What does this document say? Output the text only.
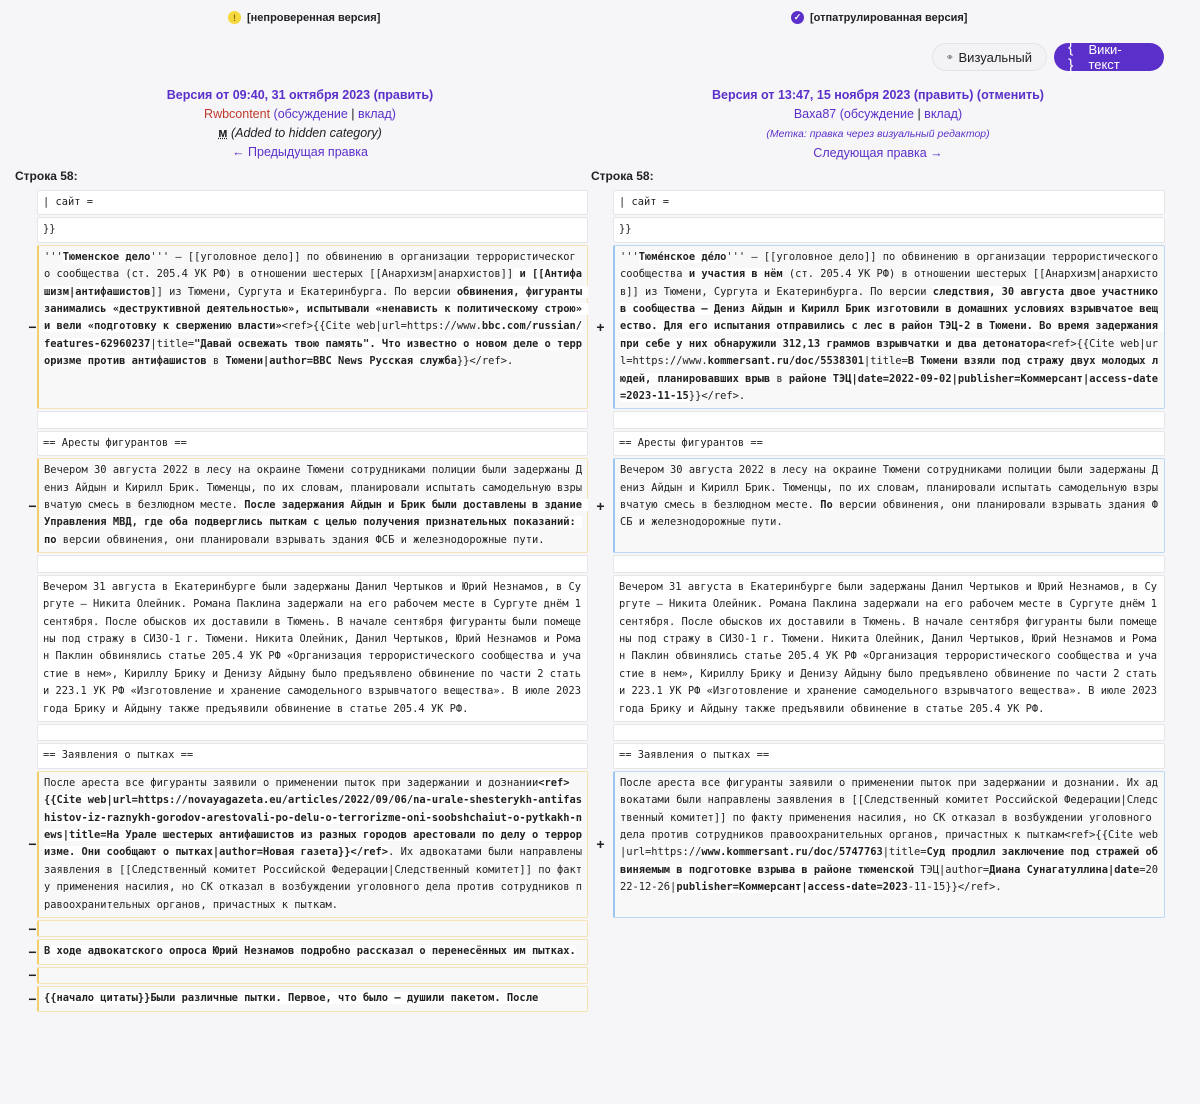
!	[непроверенная версия]	✓ [отпатрулированная версия]
Визуальный
{ }
Вики-текст
Версия от 09:40, 31 октября 2023 (править)
Rwbcontent (обсуждение | вклад)
м (Added to hidden category)
← Предыдущая правка
Версия от 13:47, 15 ноября 2023 (править) (отменить)
Baxa87 (обсуждение | вклад)
(Метка: правка через визуальный редактор)
Следующая правка →
Строка 58:	Строка 58:
| сайт =	| сайт =
}}	}}
−
'''Тюменское дело''' — [[уголовное дело]] по обвинению в организации террористического сообщества (ст. 205.4 УК РФ) в отношении шестерых [[Анархизм|анархистов]] и [[Антифашизм|антифашистов]] из Тюмени, Сургута и Екатеринбурга. По версии обвинения, фигуранты занимались «деструктивной деятельностью», испытывали «ненависть к политическому строю» и вели «подготовку к свержению власти»<ref>{{Cite web|url=https://www.bbc.com/russian/features-62960237|title="Давай освежать твою память". Что известно о новом деле о терроризме против антифашистов в Тюмени|author=BBC News Русская служба}}</ref>.
+
'''Тюме́нское де́ло''' — [[уголовное дело]] по обвинению в организации террористического сообщества и участия в нём (ст. 205.4 УК РФ) в отношении шестерых [[Анархизм|анархистов]] из Тюмени, Сургута и Екатеринбурга. По версии следствия, 30 августа двое участников сообщества — Дениз Айдын и Кирилл Брик изготовили в домашних условиях взрывчатое вещество. Для его испытания отправились с лес в район ТЭЦ-2 в Тюмени. Во время задержания при себе у них обнаружили 312,13 граммов взрывчатки и два детонатора<ref>{{Cite web|url=https://www.kommersant.ru/doc/5538301|title=В Тюмени взяли под стражу двух молодых людей, планировавших врыв в районе ТЭЦ|date=2022-09-02|publisher=Коммерсант|access-date=2023-11-15}}</ref>.
== Аресты фигурантов ==	== Аресты фигурантов ==
−
Вечером 30 августа 2022 в лесу на окраине Тюмени сотрудниками полиции были задержаны Дениз Айдын и Кирилл Брик. Тюменцы, по их словам, планировали испытать самодельную взрывчатую смесь в безлюдном месте. После задержания Айдын и Брик были доставлены в здание Управления МВД, где оба подверглись пыткам с целью получения признательных показаний: по версии обвинения, они планировали взрывать здания ФСБ и железнодорожные пути.
+
Вечером 30 августа 2022 в лесу на окраине Тюмени сотрудниками полиции были задержаны Дениз Айдын и Кирилл Брик. Тюменцы, по их словам, планировали испытать самодельную взрывчатую смесь в безлюдном месте. По версии обвинения, они планировали взрывать здания ФСБ и железнодорожные пути.
Вечером 31 августа в Екатеринбурге были задержаны Данил Чертыков и Юрий Незнамов, в Сургуте — Никита Олейник. Романа Паклина задержали на его рабочем месте в Сургуте днём 1 сентября. После обысков их доставили в Тюмень. В начале сентября фигуранты были помещены под стражу в СИЗО-1 г. Тюмени. Никита Олейник, Данил Чертыков, Юрий Незнамов и Роман Паклин обвинялись статье 205.4 УК РФ «Организация террористического сообщества и участие в нем», Кириллу Брику и Денизу Айдыну было предъявлено обвинение по части 2 статьи 223.1 УК РФ «Изготовление и хранение самодельного взрывчатого вещества». В июле 2023 года Брику и Айдыну также предъявили обвинение в статье 205.4 УК РФ.
Вечером 31 августа в Екатеринбурге были задержаны Данил Чертыков и Юрий Незнамов, в Сургуте — Никита Олейник. Романа Паклина задержали на его рабочем месте в Сургуте днём 1 сентября. После обысков их доставили в Тюмень. В начале сентября фигуранты были помещены под стражу в СИЗО-1 г. Тюмени. Никита Олейник, Данил Чертыков, Юрий Незнамов и Роман Паклин обвинялись статье 205.4 УК РФ «Организация террористического сообщества и участие в нем», Кириллу Брику и Денизу Айдыну было предъявлено обвинение по части 2 статьи 223.1 УК РФ «Изготовление и хранение самодельного взрывчатого вещества». В июле 2023 года Брику и Айдыну также предъявили обвинение в статье 205.4 УК РФ.
== Заявления о пытках ==	== Заявления о пытках ==
−
После ареста все фигуранты заявили о применении пыток при задержании и дознании<ref>{{Cite web|url=https://novayagazeta.eu/articles/2022/09/06/na-urale-shesterykh-antifashistov-iz-raznykh-gorodov-arestovali-po-delu-o-terrorizme-oni-soobshchaiut-o-pytkakh-news|title=На Урале шестерых антифашистов из разных городов арестовали по делу о терроризме. Они сообщают о пытках|author=Новая газета}}</ref>. Их адвокатами были направлены заявления в [[Следственный комитет Российской Федерации|Следственный комитет]] по факту применения насилия, но СК отказал в возбуждении уголовного дела против сотрудников правоохранительных органов, причастных к пыткам.
+
После ареста все фигуранты заявили о применении пыток при задержании и дознании. Их адвокатами были направлены заявления в [[Следственный комитет Российской Федерации|Следственный комитет]] по факту применения насилия, но СК отказал в возбуждении уголовного дела против сотрудников правоохранительных органов, причастных к пыткам<ref>{{Cite web|url=https://www.kommersant.ru/doc/5747763|title=Суд продлил заключение под стражей обвиняемым в подготовке взрыва в районе тюменской ТЭЦ|author=Диана Сунагатуллина|date=2022-12-26|publisher=Коммерсант|access-date=2023-11-15}}</ref>.
−
− В ходе адвокатского опроса Юрий Незнамов подробно рассказал о перенесённых им пытках.
−
− {{начало цитаты}}Были различные пытки. Первое, что было — душили пакетом. После
